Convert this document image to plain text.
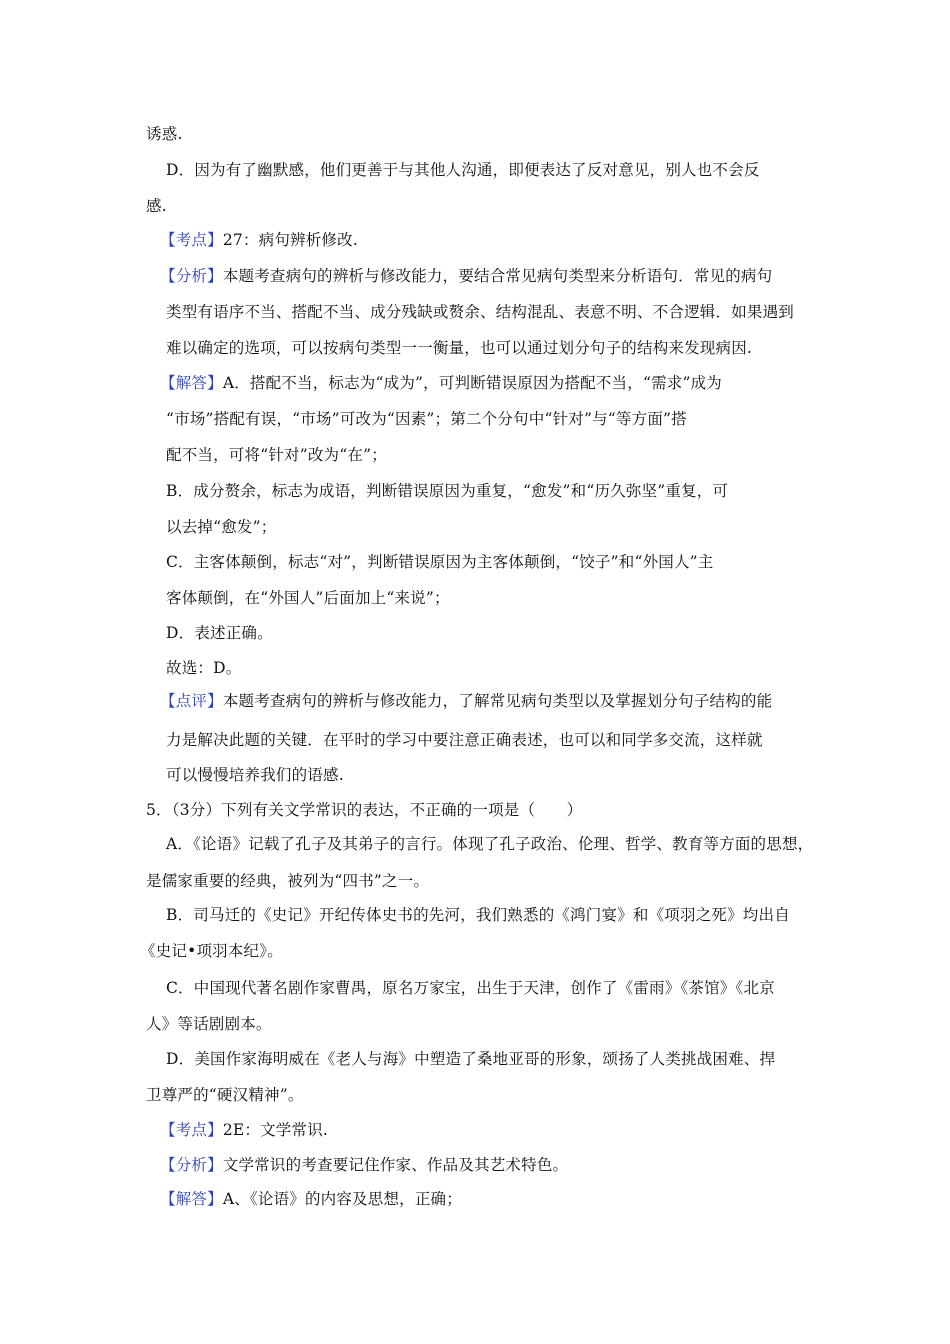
诱惑.
D．因为有了幽默感，他们更善于与其他人沟通，即便表达了反对意见，别人也不会反
感.
【考点】27：病句辨析修改.
【分析】本题考查病句的辨析与修改能力，要结合常见病句类型来分析语句．常见的病句
类型有语序不当、搭配不当、成分残缺或赘余、结构混乱、表意不明、不合逻辑．如果遇到
难以确定的选项，可以按病句类型一一衡量，也可以通过划分句子的结构来发现病因.
【解答】A．搭配不当，标志为“成为”，可判断错误原因为搭配不当，“需求”成为
“市场”搭配有误，“市场”可改为“因素”；第二个分句中“针对”与“等方面”搭
配不当，可将“针对”改为“在”；
B．成分赘余，标志为成语，判断错误原因为重复，“愈发”和“历久弥坚”重复，可
以去掉“愈发”；
C．主客体颠倒，标志“对”，判断错误原因为主客体颠倒，“饺子”和“外国人”主
客体颠倒，在“外国人”后面加上“来说”；
D．表述正确。
故选：D。
【点评】本题考查病句的辨析与修改能力，了解常见病句类型以及掌握划分句子结构的能
力是解决此题的关键．在平时的学习中要注意正确表述，也可以和同学多交流，这样就
可以慢慢培养我们的语感.
5．（3分）下列有关文学常识的表达，不正确的一项是（　　）
A．《论语》记载了孔子及其弟子的言行。体现了孔子政治、伦理、哲学、教育等方面的思想，
是儒家重要的经典，被列为“四书”之一。
B．司马迁的《史记》开纪传体史书的先河，我们熟悉的《鸿门宴》和《项羽之死》均出自
《史记•项羽本纪》。
C．中国现代著名剧作家曹禺，原名万家宝，出生于天津，创作了《雷雨》《茶馆》《北京
人》等话剧剧本。
D．美国作家海明威在《老人与海》中塑造了桑地亚哥的形象，颂扬了人类挑战困难、捍
卫尊严的“硬汉精神”。
【考点】2E：文学常识.
【分析】文学常识的考查要记住作家、作品及其艺术特色。
【解答】A、《论语》的内容及思想，正确；
